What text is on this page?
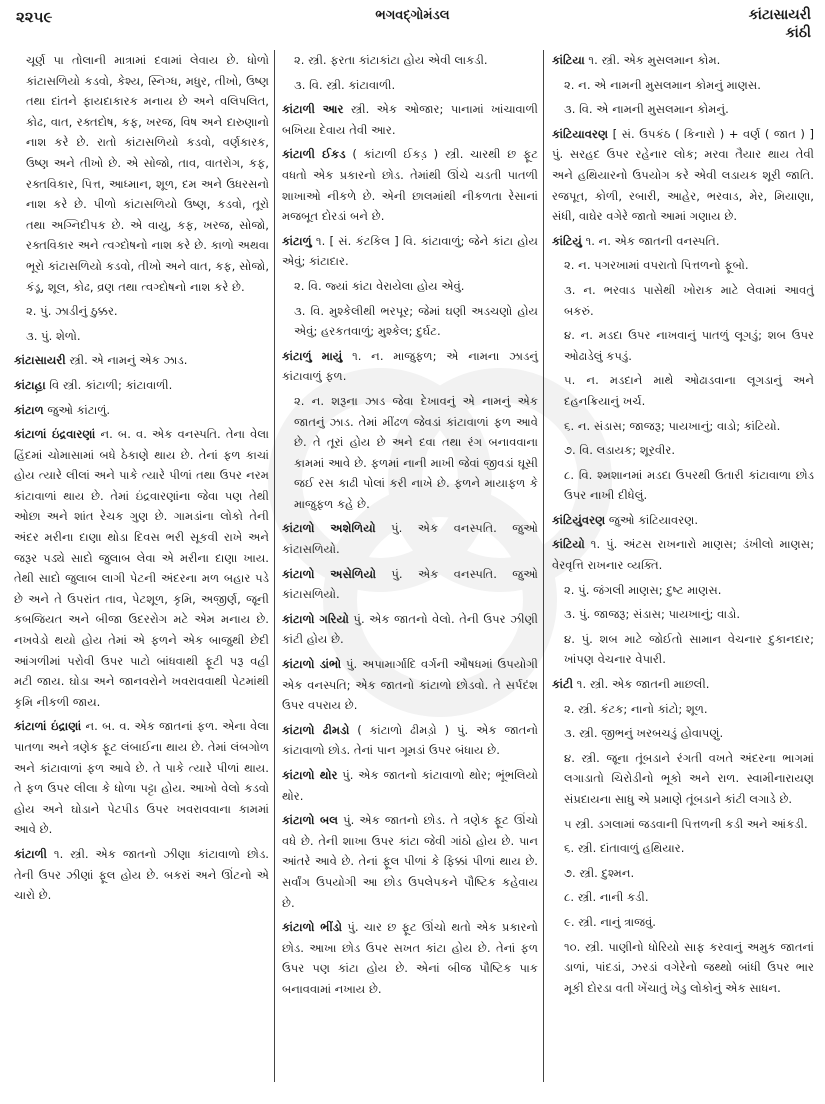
૨૨૫૯	ભગવદ્ગોમંડલ	કાંટાસાયરી
કાંઠી
ચૂર્ણ પા તોલાની માત્રામાં દવામાં લેવાય છે. ધોળો કાંટાસળિયો કડવો, કેશ્ય, સ્નિગ્ધ, મધુર, તીખો, ઉષ્ણ તથા દાંતને ફાયદાકારક મનાય છે અને વલિપલિત, કોઢ, વાત, રક્તદોષ, કફ, ખરજ, વિષ અને દારુણાનો નાશ કરે છે. રાતો કાંટાસળિયો કડવો, વર્ણકારક, ઉષ્ણ અને તીખો છે. એ સોજો, તાવ, વાતરોગ, કફ, રક્તવિકાર, પિત્ત, આધ્માન, શૂળ, દમ અને ઉધરસનો નાશ કરે છે. પીળો કાંટાસળિયો ઉષ્ણ, કડવો, તૂરો તથા અગ્નિદીપક છે. એ વાયુ, કફ, ખરજ, સોજો, રક્તવિકાર અને ત્વગ્દોષનો નાશ કરે છે. કાળો અથવા ભૂરો કાંટાસળિયો કડવો, તીખો અને વાત, કફ, સોજો, કંડૂ, શૂલ, કોઢ, વ્રણ તથા ત્વગ્દોષનો નાશ કરે છે.
૨. પું. ઝાડીનું ઠુક્કર.
૩. પું. શેળો.
કાંટાસાયરી સ્ત્રી. એ નામનું એક ઝાડ.
કાંટાહ઼ા વિ સ્ત્રી. કાંટાળી; કાંટાવાળી.
કાંટાળ જુઓ કાંટાળું.
કાંટાળાં ઇંદ્રવારણાં ન. બ. વ. એક વનસ્પતિ. તેના વેલા હિંદમાં ચોમાસામાં બધે ઠેકાણે થાય છે. તેનાં ફળ કાચાં હોય ત્યારે લીલાં અને પાકે ત્યારે પીળાં તથા ઉપર નરમ કાંટાવાળાં થાય છે. તેમાં ઇંદ્રવારણાંના જેવા પણ તેથી ઓછા અને શાંત રેચક ગુણ છે. ગામડાંના લોકો તેની અંદર મરીના દાણા થોડા દિવસ ભરી સૂકવી રાખે અને જરૂર પડ્યે સાદો જુલાબ લેવા એ મરીના દાણા ખાય. તેથી સાદો જુલાબ લાગી પેટની અંદરના મળ બહાર પડે છે અને તે ઉપરાંત તાવ, પેટશૂળ, કૃમિ, અજીર્ણ, જૂની કબજિયત અને બીજા ઉદરરોગ મટે એમ મનાય છે. નખવેડો થયો હોય તેમાં એ ફળને એક બાજુથી છેદી આંગળીમાં પરોવી ઉપર પાટો બાંધવાથી ફૂટી પરૂ વહી મટી જાય. ઘોડા અને જાનવરોને ખવરાવવાથી પેટમાંથી કૃમિ નીકળી જાય.
કાંટાળાં ઇંદ્રાણાં ન. બ. વ. એક જાતનાં ફળ. એના વેલા પાતળા અને ત્રણેક ફૂટ લંબાઈના થાય છે. તેમાં લંબગોળ અને કાંટાવાળાં ફળ આવે છે. તે પાકે ત્યારે પીળાં થાય. તે ફળ ઉપર લીલા કે ધોળા પટ્ટા હોય. આખો વેલો કડવો હોય અને ઘોડાને પેટપીડ ઉપર ખવરાવવાના કામમાં આવે છે.
કાંટાળી ૧. સ્ત્રી. એક જાતનો ઝીણા કાંટાવાળો છોડ. તેની ઉપર ઝીણાં ફૂલ હોય છે. બકરાં અને ઊંટનો એ ચારો છે.
૨. સ્ત્રી. ફરતા કાંટાકાંટા હોય એવી લાકડી.
૩. વિ. સ્ત્રી. કાંટાવાળી.
કાંટાળી આર સ્ત્રી. એક ઓજાર; પાનામાં ખાંચાવાળી બખિયા દેવાય તેવી આર.
કાંટાળી ઈકડ ( કાંટાળી ઈકડ઼ ) સ્ત્રી. ચારથી છ ફૂટ વધતો એક પ્રકારનો છોડ. તેમાંથી ઊંચે ચડતી પાતળી શાખાઓ નીકળે છે. એની છાલમાંથી નીકળતા રેસાનાં મજબૂત દોરડાં બને છે.
કાંટાળું ૧. [ સં. કંટકિલ ] વિ. કાંટાવાળું; જેને કાંટા હોય એવું; કાંટાદાર.
૨. વિ. જ્યાં કાંટા વેરાયેલા હોય એવું.
૩. વિ. મુશ્કેલીથી ભરપૂર; જેમાં ઘણી અડચણો હોય એવું; હરકતવાળું; મુશ્કેલ; દુર્ઘટ.
કાંટાળું માયું ૧. ન. માજુફળ; એ નામના ઝાડનું કાંટાવાળું ફળ.
૨. ન. શરૂના ઝાડ જેવા દેખાવનું એ નામનું એક જાતનું ઝાડ. તેમાં મીંઢળ જેવડાં કાંટાવાળાં ફળ આવે છે. તે તૂરાં હોય છે અને દવા તથા રંગ બનાવવાના કામમાં આવે છે. ફળમાં નાની માખી જેવાં જીવડાં ઘૂસી જઈ રસ કાઢી પોલાં કરી નાખે છે. ફળને માયાફળ કે માજુફળ કહે છે.
કાંટાળો અશેળિયો પું. એક વનસ્પતિ. જુઓ કાંટાસળિયો.
કાંટાળો અસેળિયો પું. એક વનસ્પતિ. જુઓ કાંટાસળિયો.
કાંટાળો ગરિયો પું. એક જાતનો વેલો. તેની ઉપર ઝીણી કાંટી હોય છે.
કાંટાળો ડાંભો પું. અપામાર્ગાદિ વર્ગની ઔષધમાં ઉપયોગી એક વનસ્પતિ; એક જાતનો કાંટાળો છોડવો. તે સર્પદંશ ઉપર વપરાય છે.
કાંટાળો ઢીમડો ( કાંટાળો ઢીમડ઼ો ) પું. એક જાતનો કાંટાવાળો છોડ. તેનાં પાન ગૂમડાં ઉપર બંધાય છે.
કાંટાળો થોર પું. એક જાતનો કાંટાવાળો થોર; ભૂંભલિયો થોર.
કાંટાળો બલ પું. એક જાતનો છોડ. તે ત્રણેક ફૂટ ઊંચો વધે છે. તેની શાખા ઉપર કાંટા જેવી ગાંઠો હોય છે. પાન આંતરે આવે છે. તેનાં ફૂલ પીળાં કે ફિક્કાં પીળાં થાય છે. સર્વાંગ ઉપયોગી આ છોડ ઉપલેપકને પૌષ્ટિક કહેવાય છે.
કાંટાળો ભીંડો પું. ચાર છ ફૂટ ઊંચો થતો એક પ્રકારનો છોડ. આખા છોડ ઉપર સખત કાંટા હોય છે. તેનાં ફળ ઉપર પણ કાંટા હોય છે. એનાં બીજ પૌષ્ટિક પાક બનાવવામાં નખાય છે.
કાંટિયા ૧. સ્ત્રી. એક મુસલમાન કોમ.
૨. ન. એ નામની મુસલમાન કોમનું માણસ.
૩. વિ. એ નામની મુસલમાન કોમનું.
કાંટિયાવરણ [ સં. ઉપકંઠ ( કિનારો ) + વર્ણ ( જાત ) ] પું. સરહદ ઉપર રહેનાર લોક; મરવા તૈયાર થાય તેવી અને હથિયારનો ઉપયોગ કરે એવી લડાયક શૂરી જાતિ. રજપૂત, કોળી, રબારી, આહેર, ભરવાડ, મેર, મિયાણા, સંધી, વાઘેર વગેરે જાતો આમાં ગણાય છે.
કાંટિયું ૧. ન. એક જાતની વનસ્પતિ.
૨. ન. પગરખામાં વપરાતો પિત્તળનો ફૂબો.
૩. ન. ભરવાડ પાસેથી ખોરાક માટે લેવામાં આવતું બકરું.
૪. ન. મડદા ઉપર નાખવાનું પાતળું લૂગડું; શબ ઉપર ઓઢાડેલું કપડું.
૫. ન. મડદાને માથે ઓઢાડવાના લૂગડાનું અને દહનક્રિયાનું ખર્ચ.
૬. ન. સંડાસ; જાજરૂ; પાયખાનું; વાડો; કાંટિયો.
૭. વિ. લડાયક; શૂરવીર.
૮. વિ. શ્મશાનમાં મડદા ઉપરથી ઉતારી કાંટાવાળા છોડ ઉપર નાખી દીધેલું.
કાંટિયુંવરણ જુઓ કાંટિયાવરણ.
કાંટિયો ૧. પું. અંટસ રાખનારો માણસ; ડંખીલો માણસ; વેરવૃત્તિ રાખનાર વ્યક્તિ.
૨. પું. જંગલી માણસ; દુષ્ટ માણસ.
૩. પું. જાજરૂ; સંડાસ; પાયખાનું; વાડો.
૪. પું. શબ માટે જોઈતો સામાન વેચનાર દુકાનદાર; ખાંપણ વેચનાર વેપારી.
કાંટી ૧. સ્ત્રી. એક જાતની માછલી.
૨. સ્ત્રી. કંટક; નાનો કાંટો; શૂળ.
૩. સ્ત્રી. જીભનું ખરબચડું હોવાપણું.
૪. સ્ત્રી. જૂના તૂંબડાને રંગતી વખતે અંદરના ભાગમાં લગાડાતો ચિરોડીનો ભૂકો અને રાળ. સ્વામીનારાયણ સંપ્રદાયના સાધુ એ પ્રમાણે તૂંબડાને કાંટી લગાડે છે.
૫ સ્ત્રી. ડગલામાં જડવાની પિત્તળની કડી અને આંકડી.
૬. સ્ત્રી. દાંતાવાળું હથિયાર.
૭. સ્ત્રી. દુશ્મન.
૮. સ્ત્રી. નાની કડી.
૯. સ્ત્રી. નાનું ત્રાજવું.
૧૦. સ્ત્રી. પાણીનો ધોરિયો સાફ કરવાનું અમુક જાતનાં ડાળાં, પાંદડાં, ઝરડાં વગેરેનો જથ્થો બાંધી ઉપર ભાર મૂકી દોરડા વતી ખેંચાતું ખેડુ લોકોનું એક સાધન.
